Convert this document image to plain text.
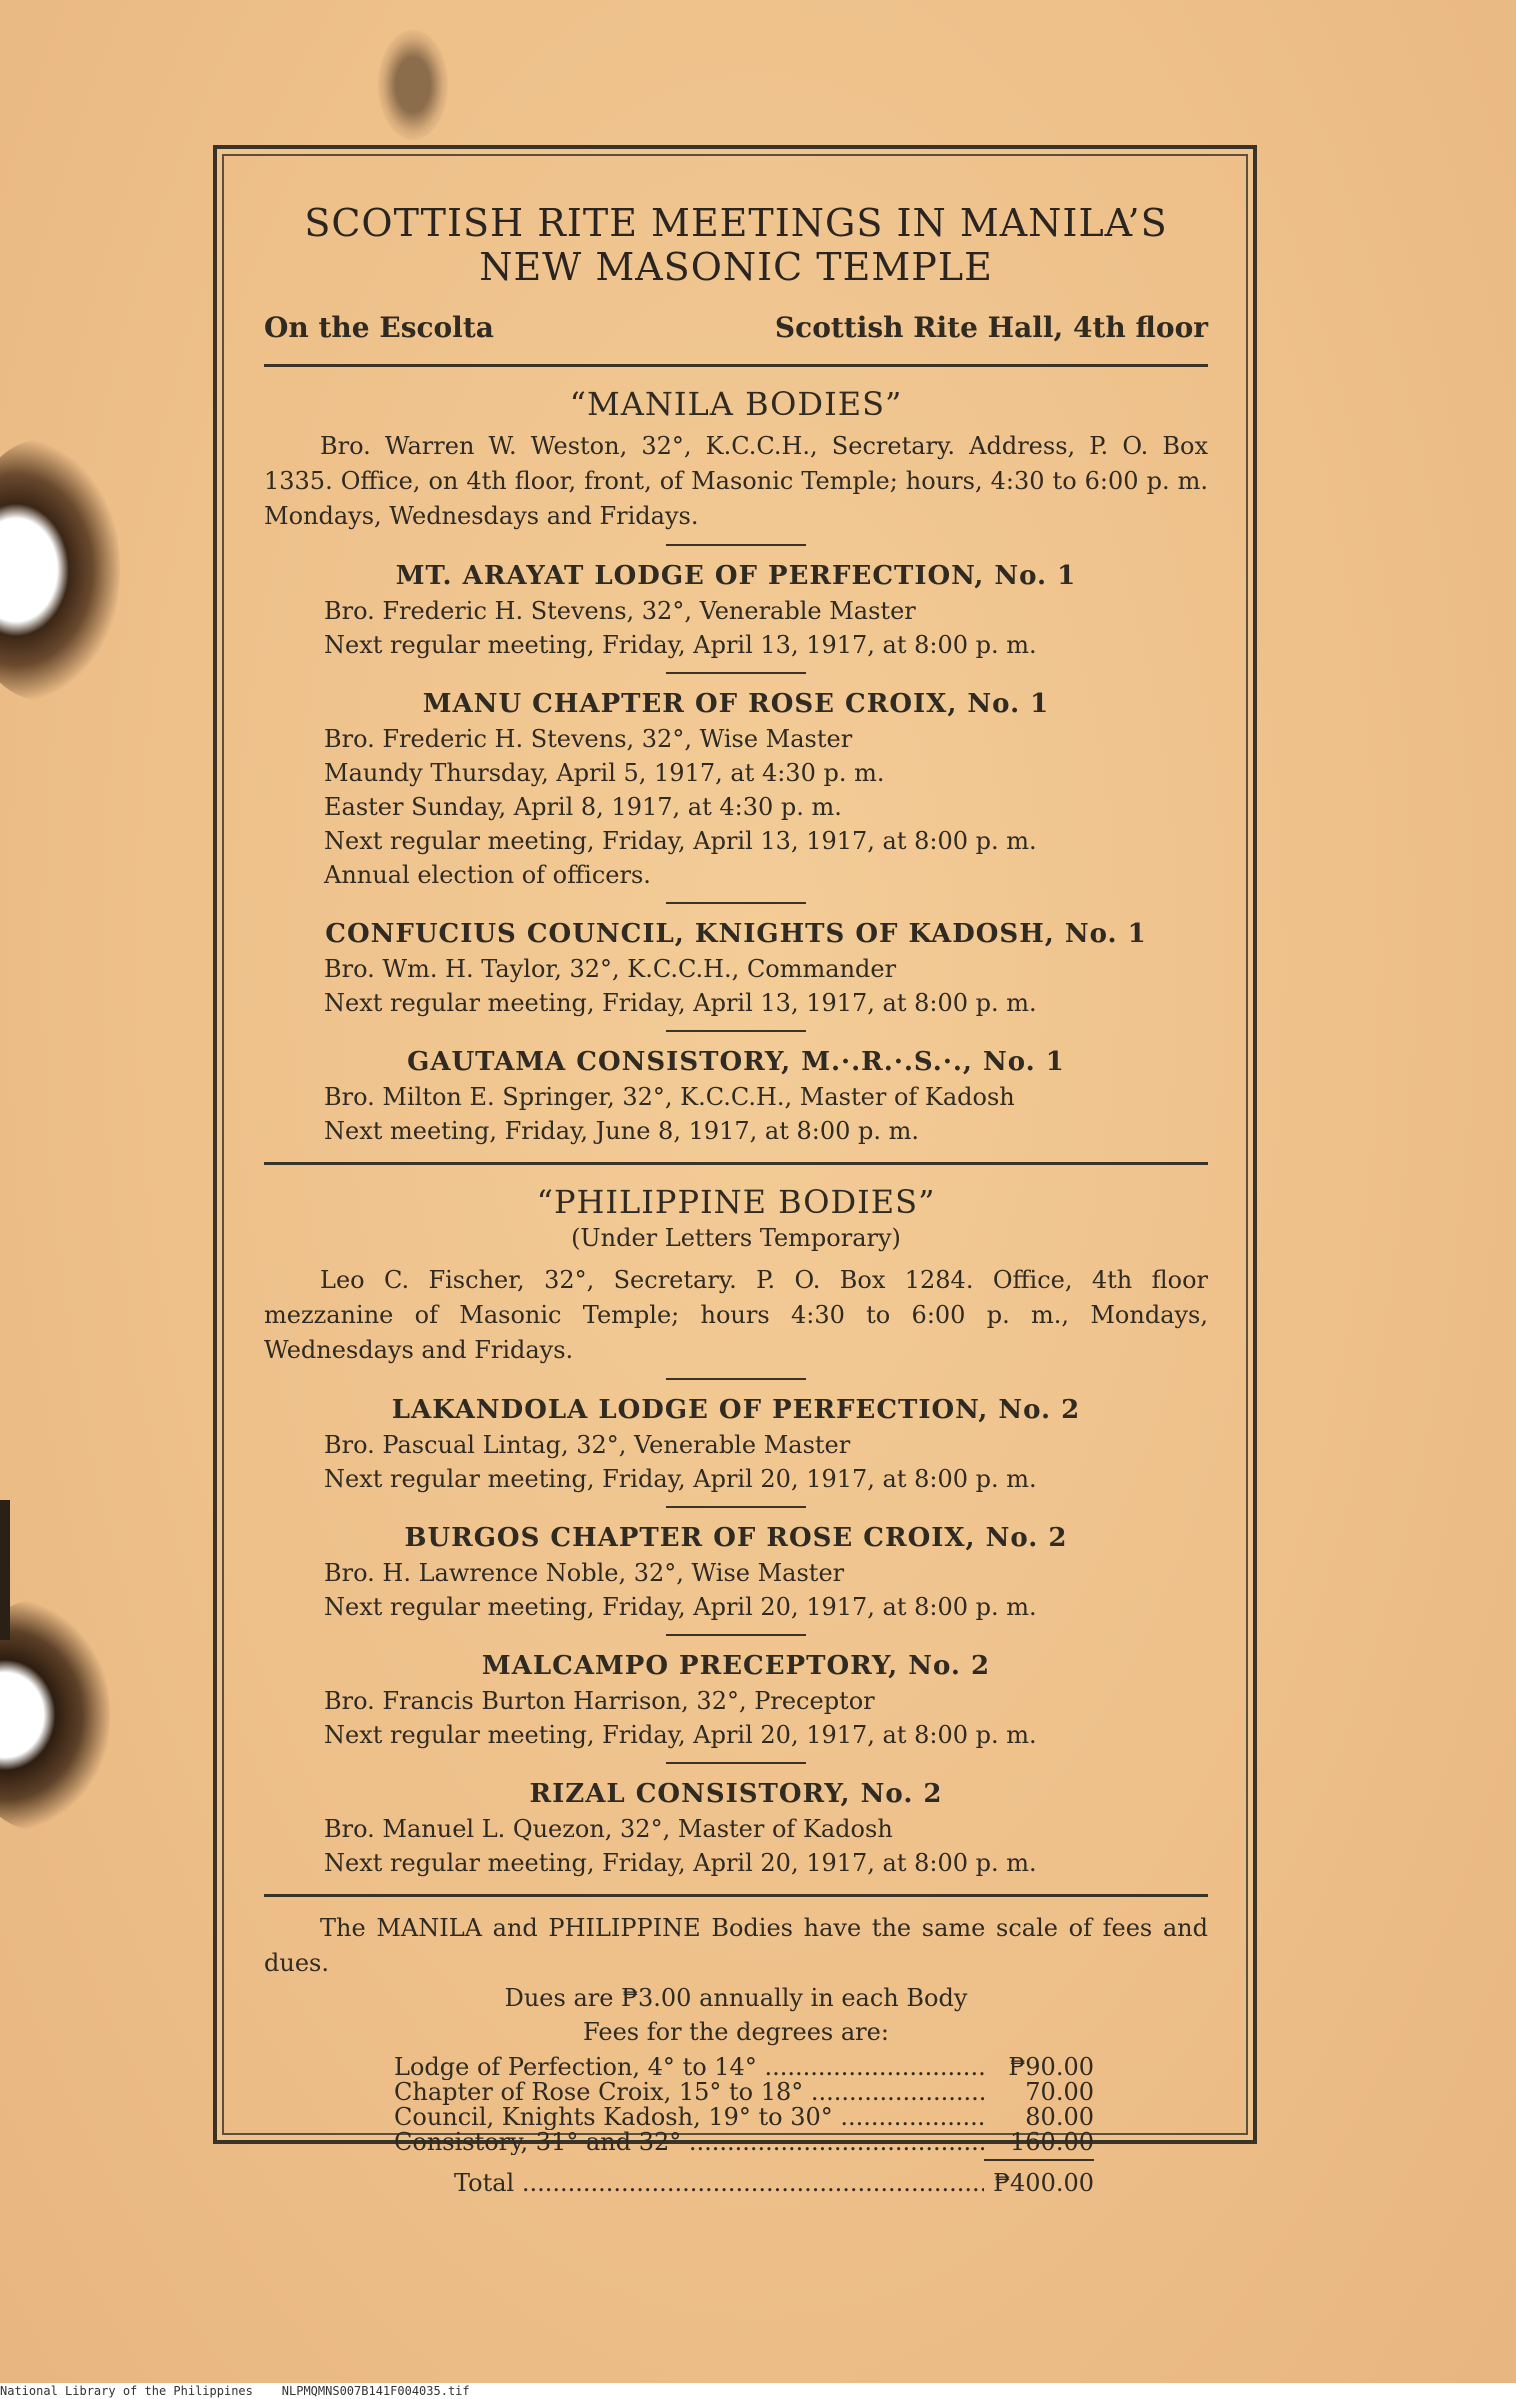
SCOTTISH RITE MEETINGS IN MANILA’S

NEW MASONIC TEMPLE

On the Escolta	Scottish Rite Hall, 4th floor
“MANILA BODIES”

Bro. Warren W. Weston, 32°, K.C.C.H., Secretary. Address, P. O. Box 1335. Office, on 4th floor, front, of Masonic Temple; hours, 4:30 to 6:00 p. m. Mondays, Wednesdays and Fridays.

MT. ARAYAT LODGE OF PERFECTION, No. 1
Bro. Frederic H. Stevens, 32°, Venerable Master
Next regular meeting, Friday, April 13, 1917, at 8:00 p. m.
MANU CHAPTER OF ROSE CROIX, No. 1
Bro. Frederic H. Stevens, 32°, Wise Master
Maundy Thursday, April 5, 1917, at 4:30 p. m.
Easter Sunday, April 8, 1917, at 4:30 p. m.
Next regular meeting, Friday, April 13, 1917, at 8:00 p. m.
Annual election of officers.
CONFUCIUS COUNCIL, KNIGHTS OF KADOSH, No. 1
Bro. Wm. H. Taylor, 32°, K.C.C.H., Commander
Next regular meeting, Friday, April 13, 1917, at 8:00 p. m.
GAUTAMA CONSISTORY, M.·.R.·.S.·., No. 1
Bro. Milton E. Springer, 32°, K.C.C.H., Master of Kadosh
Next meeting, Friday, June 8, 1917, at 8:00 p. m.
“PHILIPPINE BODIES”
(Under Letters Temporary)

Leo C. Fischer, 32°, Secretary. P. O. Box 1284. Office, 4th floor mezzanine of Masonic Temple; hours 4:30 to 6:00 p. m., Mondays, Wednesdays and Fridays.

LAKANDOLA LODGE OF PERFECTION, No. 2
Bro. Pascual Lintag, 32°, Venerable Master
Next regular meeting, Friday, April 20, 1917, at 8:00 p. m.
BURGOS CHAPTER OF ROSE CROIX, No. 2
Bro. H. Lawrence Noble, 32°, Wise Master
Next regular meeting, Friday, April 20, 1917, at 8:00 p. m.
MALCAMPO PRECEPTORY, No. 2
Bro. Francis Burton Harrison, 32°, Preceptor
Next regular meeting, Friday, April 20, 1917, at 8:00 p. m.
RIZAL CONSISTORY, No. 2
Bro. Manuel L. Quezon, 32°, Master of Kadosh
Next regular meeting, Friday, April 20, 1917, at 8:00 p. m.

The MANILA and PHILIPPINE Bodies have the same scale of fees and dues.

Dues are ₱3.00 annually in each Body
Fees for the degrees are:
Lodge of Perfection, 4° to 14° .....	₱90.00
Chapter of Rose Croix, 15° to 18° .....	70.00
Council, Knights Kadosh, 19° to 30° .....	80.00
Consistory, 31° and 32° .....	160.00
Total .....	₱400.00
National Library of the Philippines NLPMQMNS007B141F004035.tif
